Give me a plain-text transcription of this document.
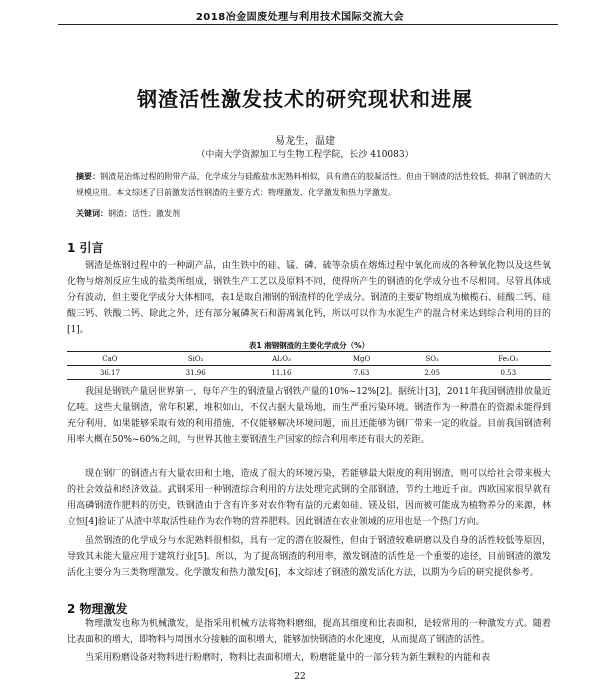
2018冶金固废处理与利用技术国际交流大会
钢渣活性激发技术的研究现状和进展
易龙生，温建
（中南大学资源加工与生物工程学院，长沙 410083）
摘要：钢渣是冶炼过程的附带产品，化学成分与硅酸盐水泥熟料相似，具有潜在的胶凝活性。但由于钢渣的活性较低，抑制了钢渣的大规模应用。本文综述了目前激发活性钢渣的主要方式：物理激发、化学激发和热力学激发。
关键词：钢渣；活性；激发剂
1 引言

钢渣是炼钢过程中的一种副产品，由生铁中的硅、锰、磷、硫等杂质在熔炼过程中氧化而成的各种氧化物以及这些氧化物与熔剂反应生成的盐类所组成，钢铁生产工艺以及原料不同，使得所产生的钢渣的化学成分也不尽相同。尽管具体成分有波动，但主要化学成分大体相同，表1是取自湘钢的钢渣样的化学成分。钢渣的主要矿物组成为橄榄石、硅酸二钙、硅酸三钙、铁酸二钙、除此之外，还有部分氟磷灰石和游离氧化钙，所以可以作为水泥生产的混合材来达到综合利用的目的[1]。

表1 湘钢钢渣的主要化学成分（%）
CaO	SiO₂	Al₂O₃	MgO	SO₃	Fe₂O₃
36.17	31.96	11.16	7.63	2.05	0.53

我国是钢铁产量居世界第一，每年产生的钢渣量占钢铁产量的10%~12%[2]。据统计[3]，2011年我国钢渣排放量近亿吨。这些大量钢渣，常年积累，堆积如山，不仅占据大量场地，而生严重污染环境。钢渣作为一种潜在的资源未能得到充分利用，如果能够采取有效的利用措施，不仅能够解决环境问题，而且还能够为钢厂带来一定的收益。目前我国钢渣利用率大概在50%~60%之间，与世界其他主要钢渣生产国家的综合利用率还有很大的差距。

现在钢厂的钢渣占有大量农田和土地，造成了很大的环境污染，若能够最大限度的利用钢渣，则可以给社会带来极大的社会效益和经济效益。武钢采用一种钢渣综合利用的方法处理完武钢的全部钢渣，节约土地近千亩。西欧国家很早就有用高磷钢渣作肥料的历史，铁钢渣由于含有许多对农作物有益的元素如硅、镁及铝，因而被可能成为植物养分的来源，林立恒[4]验证了从渣中萃取活性硅作为农作物的营养肥料。因此钢渣在农业领域的应用也是一个热门方向。

虽然钢渣的化学成分与水泥熟料很相似，具有一定的潜在胶凝性，但由于钢渣较难研磨以及自身的活性较低等原因，导致其未能大量应用于建筑行业[5]。所以，为了提高钢渣的利用率，激发钢渣的活性是一个重要的途径，目前钢渣的激发活化主要分为三类物理激发、化学激发和热力激发[6]，本文综述了钢渣的激发活化方法，以期为今后的研究提供参考。

2 物理激发

物理激发也称为机械激发，是指采用机械方法将物料磨细，提高其细度和比表面积，是较常用的一种激发方式。随着比表面积的增大，即物料与周围水分接触的面积增大，能够加快钢渣的水化速度，从而提高了钢渣的活性。

当采用粉磨设备对物料进行粉磨时，物料比表面积增大，粉磨能量中的一部分转为新生颗粒的内能和表

22
